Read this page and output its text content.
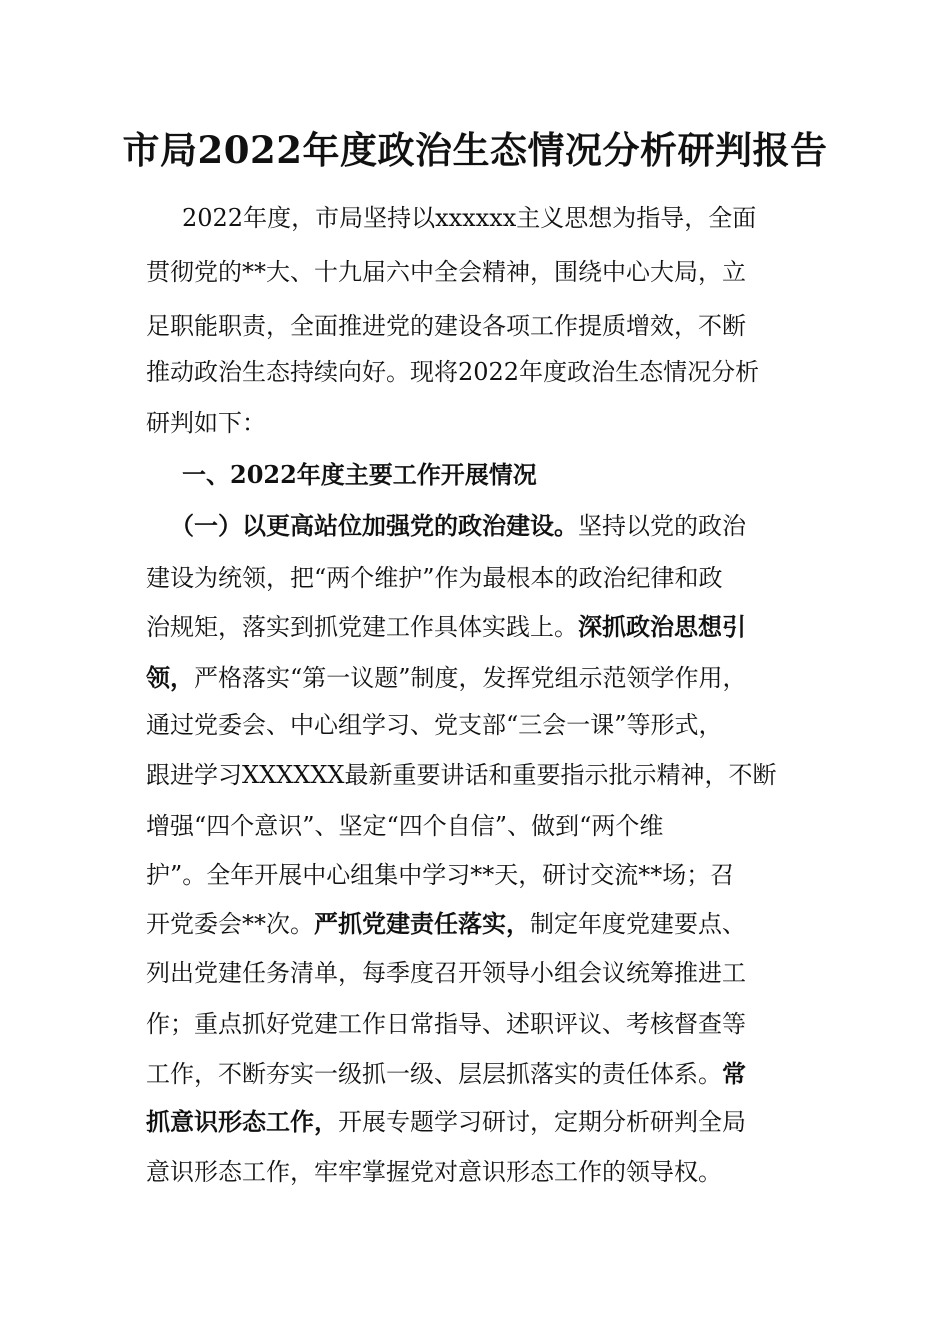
市局2022年度政治生态情况分析研判报告
2022年度，市局坚持以xxxxxx主义思想为指导，全面
贯彻党的**大、十九届六中全会精神，围绕中心大局，立
足职能职责，全面推进党的建设各项工作提质增效，不断
推动政治生态持续向好。现将2022年度政治生态情况分析
研判如下：
一、2022年度主要工作开展情况
（一）以更高站位加强党的政治建设。坚持以党的政治
建设为统领，把“两个维护”作为最根本的政治纪律和政
治规矩，落实到抓党建工作具体实践上。深抓政治思想引
领，严格落实“第一议题”制度，发挥党组示范领学作用，
通过党委会、中心组学习、党支部“三会一课”等形式，
跟进学习XXXXXX最新重要讲话和重要指示批示精神，不断
增强“四个意识”、坚定“四个自信”、做到“两个维
护”。全年开展中心组集中学习**天，研讨交流**场；召
开党委会**次。严抓党建责任落实，制定年度党建要点、
列出党建任务清单，每季度召开领导小组会议统筹推进工
作；重点抓好党建工作日常指导、述职评议、考核督查等
工作，不断夯实一级抓一级、层层抓落实的责任体系。常
抓意识形态工作，开展专题学习研讨，定期分析研判全局
意识形态工作，牢牢掌握党对意识形态工作的领导权。
